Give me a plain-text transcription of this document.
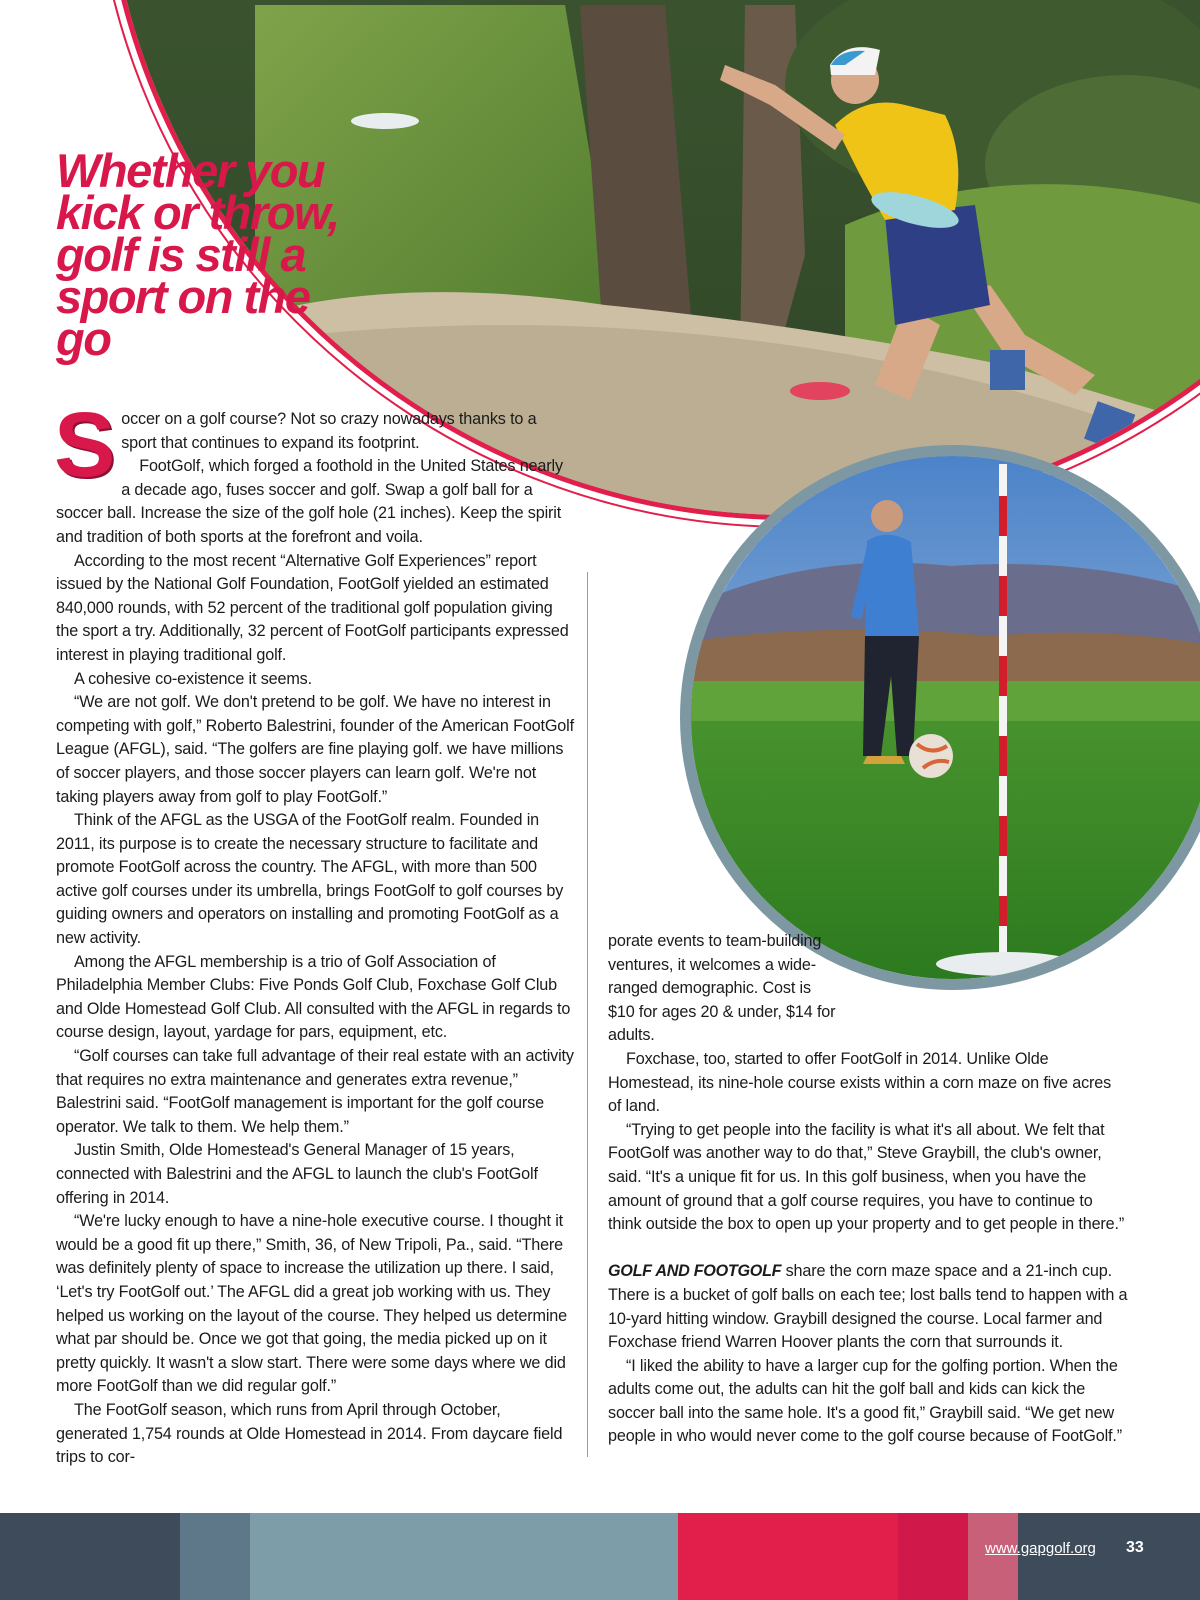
Whether you kick or throw, golf is still a sport on the go

Soccer on a golf course? Not so crazy nowadays thanks to a sport that continues to expand its footprint.

FootGolf, which forged a foothold in the United States nearly a decade ago, fuses soccer and golf. Swap a golf ball for a soccer ball. Increase the size of the golf hole (21 inches). Keep the spirit and tradition of both sports at the forefront and voila.

According to the most recent “Alternative Golf Experiences” report issued by the National Golf Foundation, FootGolf yielded an estimated 840,000 rounds, with 52 percent of the traditional golf population giving the sport a try. Additionally, 32 percent of FootGolf participants expressed interest in playing traditional golf.

A cohesive co-existence it seems.

“We are not golf. We don't pretend to be golf. We have no interest in competing with golf,” Roberto Balestrini, founder of the American FootGolf League (AFGL), said. “The golfers are fine playing golf. we have millions of soccer players, and those soccer players can learn golf. We're not taking players away from golf to play FootGolf.”

Think of the AFGL as the USGA of the FootGolf realm. Founded in 2011, its purpose is to create the necessary structure to facilitate and promote FootGolf across the country. The AFGL, with more than 500 active golf courses under its umbrella, brings FootGolf to golf courses by guiding owners and operators on installing and promoting FootGolf as a new activity.

Among the AFGL membership is a trio of Golf Association of Philadelphia Member Clubs: Five Ponds Golf Club, Foxchase Golf Club and Olde Homestead Golf Club. All consulted with the AFGL in regards to course design, layout, yardage for pars, equipment, etc.

“Golf courses can take full advantage of their real estate with an activity that requires no extra maintenance and generates extra revenue,” Balestrini said. “FootGolf management is important for the golf course operator. We talk to them. We help them.”

Justin Smith, Olde Homestead's General Manager of 15 years, connected with Balestrini and the AFGL to launch the club's FootGolf offering in 2014.

“We're lucky enough to have a nine-hole executive course. I thought it would be a good fit up there,” Smith, 36, of New Tripoli, Pa., said. “There was definitely plenty of space to increase the utilization up there. I said, ‘Let's try FootGolf out.’ The AFGL did a great job working with us. They helped us working on the layout of the course. They helped us determine what par should be. Once we got that going, the media picked up on it pretty quickly. It wasn't a slow start. There were some days where we did more FootGolf than we did regular golf.”

The FootGolf season, which runs from April through October, generated 1,754 rounds at Olde Homestead in 2014. From daycare field trips to cor-

porate events to team-building ventures, it welcomes a wide-ranged demographic. Cost is $10 for ages 20 & under, $14 for adults.

Foxchase, too, started to offer FootGolf in 2014. Unlike Olde Homestead, its nine-hole course exists within a corn maze on five acres of land.

“Trying to get people into the facility is what it's all about. We felt that FootGolf was another way to do that,” Steve Graybill, the club's owner, said. “It's a unique fit for us. In this golf business, when you have the amount of ground that a golf course requires, you have to continue to think outside the box to open up your property and to get people in there.”

GOLF AND FOOTGOLF share the corn maze space and a 21-inch cup. There is a bucket of golf balls on each tee; lost balls tend to happen with a 10-yard hitting window. Graybill designed the course. Local farmer and Foxchase friend Warren Hoover plants the corn that surrounds it.

“I liked the ability to have a larger cup for the golfing portion. When the adults come out, the adults can hit the golf ball and kids can kick the soccer ball into the same hole. It's a good fit,” Graybill said. “We get new people in who would never come to the golf course because of FootGolf.”

www.gapgolf.org 33
